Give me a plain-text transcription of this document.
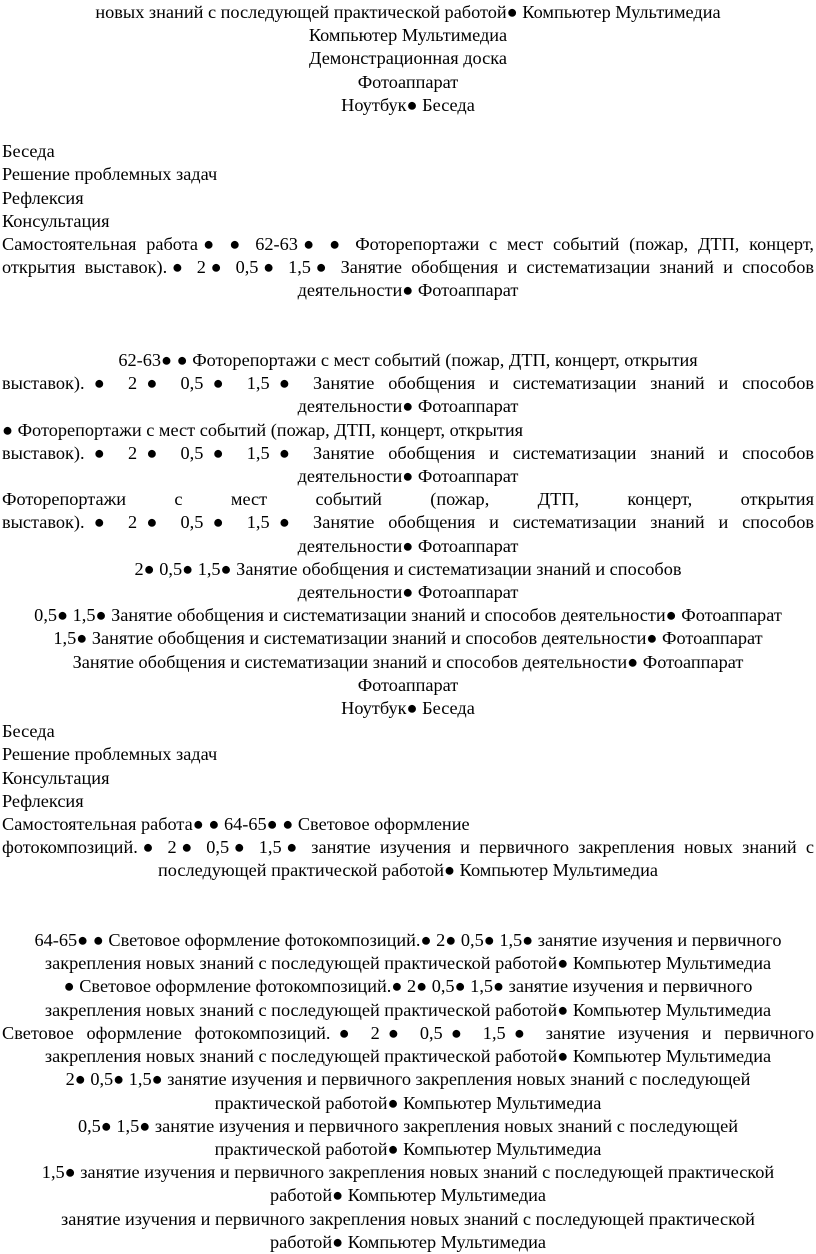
новых знаний с последующей практической работой● Компьютер Мультимедиа

Компьютер Мультимедиа

Демонстрационная доска

Фотоаппарат

Ноутбук● Беседа

Беседа

Решение проблемных задач

Рефлексия

Консультация

Самостоятельная работа● ● 62-63● ● Фоторепортажи с мест событий (пожар, ДТП, концерт,

открытия выставок).● 2● 0,5● 1,5● Занятие обобщения и систематизации знаний и способов

деятельности● Фотоаппарат

62-63● ● Фоторепортажи с мест событий (пожар, ДТП, концерт, открытия

выставок).● 2● 0,5● 1,5● Занятие обобщения и систематизации знаний и способов

деятельности● Фотоаппарат

● Фоторепортажи с мест событий (пожар, ДТП, концерт, открытия

выставок).● 2● 0,5● 1,5● Занятие обобщения и систематизации знаний и способов

деятельности● Фотоаппарат

Фоторепортажи с мест событий (пожар, ДТП, концерт, открытия

выставок).● 2● 0,5● 1,5● Занятие обобщения и систематизации знаний и способов

деятельности● Фотоаппарат

2● 0,5● 1,5● Занятие обобщения и систематизации знаний и способов

деятельности● Фотоаппарат

0,5● 1,5● Занятие обобщения и систематизации знаний и способов деятельности● Фотоаппарат

1,5● Занятие обобщения и систематизации знаний и способов деятельности● Фотоаппарат

Занятие обобщения и систематизации знаний и способов деятельности● Фотоаппарат

Фотоаппарат

Ноутбук● Беседа

Беседа

Решение проблемных задач

Консультация

Рефлексия

Самостоятельная работа● ● 64-65● ● Световое оформление

фотокомпозиций.● 2● 0,5● 1,5● занятие изучения и первичного закрепления новых знаний с

последующей практической работой● Компьютер Мультимедиа

64-65● ● Световое оформление фотокомпозиций.● 2● 0,5● 1,5● занятие изучения и первичного

закрепления новых знаний с последующей практической работой● Компьютер Мультимедиа

● Световое оформление фотокомпозиций.● 2● 0,5● 1,5● занятие изучения и первичного

закрепления новых знаний с последующей практической работой● Компьютер Мультимедиа

Световое оформление фотокомпозиций.● 2● 0,5● 1,5● занятие изучения и первичного

закрепления новых знаний с последующей практической работой● Компьютер Мультимедиа

2● 0,5● 1,5● занятие изучения и первичного закрепления новых знаний с последующей

практической работой● Компьютер Мультимедиа

0,5● 1,5● занятие изучения и первичного закрепления новых знаний с последующей

практической работой● Компьютер Мультимедиа

1,5● занятие изучения и первичного закрепления новых знаний с последующей практической

работой● Компьютер Мультимедиа

занятие изучения и первичного закрепления новых знаний с последующей практической

работой● Компьютер Мультимедиа
